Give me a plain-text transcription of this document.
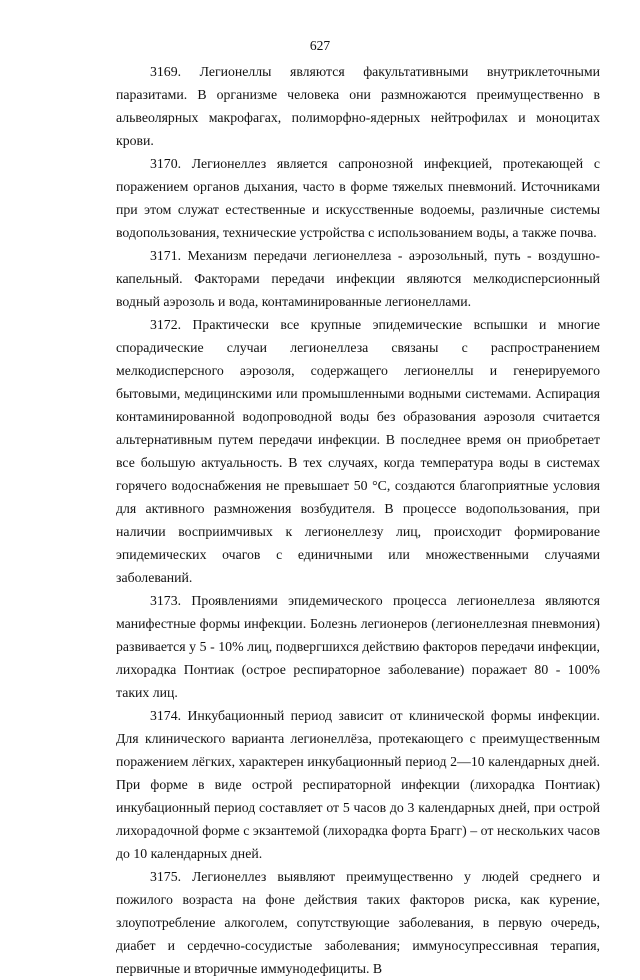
627

3169. Легионеллы являются факультативными внутриклеточными паразитами. В организме человека они размножаются преимущественно в альвеолярных макрофагах, полиморфно-ядерных нейтрофилах и моноцитах крови.

3170. Легионеллез является сапронозной инфекцией, протекающей с поражением органов дыхания, часто в форме тяжелых пневмоний. Источниками при этом служат естественные и искусственные водоемы, различные системы водопользования, технические устройства с использованием воды, а также почва.

3171. Механизм передачи легионеллеза - аэрозольный, путь - воздушно-капельный. Факторами передачи инфекции являются мелкодисперсионный водный аэрозоль и вода, контаминированные легионеллами.

3172. Практически все крупные эпидемические вспышки и многие спорадические случаи легионеллеза связаны с распространением мелкодисперсного аэрозоля, содержащего легионеллы и генерируемого бытовыми, медицинскими или промышленными водными системами. Аспирация контаминированной водопроводной воды без образования аэрозоля считается альтернативным путем передачи инфекции. В последнее время он приобретает все большую актуальность. В тех случаях, когда температура воды в системах горячего водоснабжения не превышает 50 °С, создаются благоприятные условия для активного размножения возбудителя. В процессе водопользования, при наличии восприимчивых к легионеллезу лиц, происходит формирование эпидемических очагов с единичными или множественными случаями заболеваний.

3173. Проявлениями эпидемического процесса легионеллеза являются манифестные формы инфекции. Болезнь легионеров (легионеллезная пневмония) развивается у 5 - 10% лиц, подвергшихся действию факторов передачи инфекции, лихорадка Понтиак (острое респираторное заболевание) поражает 80 - 100% таких лиц.

3174. Инкубационный период зависит от клинической формы инфекции. Для клинического варианта легионеллёза, протекающего с преимущественным поражением лёгких, характерен инкубационный период 2—10 календарных дней. При форме в виде острой респираторной инфекции (лихорадка Понтиак) инкубационный период составляет от 5 часов до 3 календарных дней, при острой лихорадочной форме с экзантемой (лихорадка форта Брагг) – от нескольких часов до 10 календарных дней.

3175. Легионеллез выявляют преимущественно у людей среднего и пожилого возраста на фоне действия таких факторов риска, как курение, злоупотребление алкоголем, сопутствующие заболевания, в первую очередь, диабет и сердечно-сосудистые заболевания; иммуносупрессивная терапия, первичные и вторичные иммунодефициты. В
